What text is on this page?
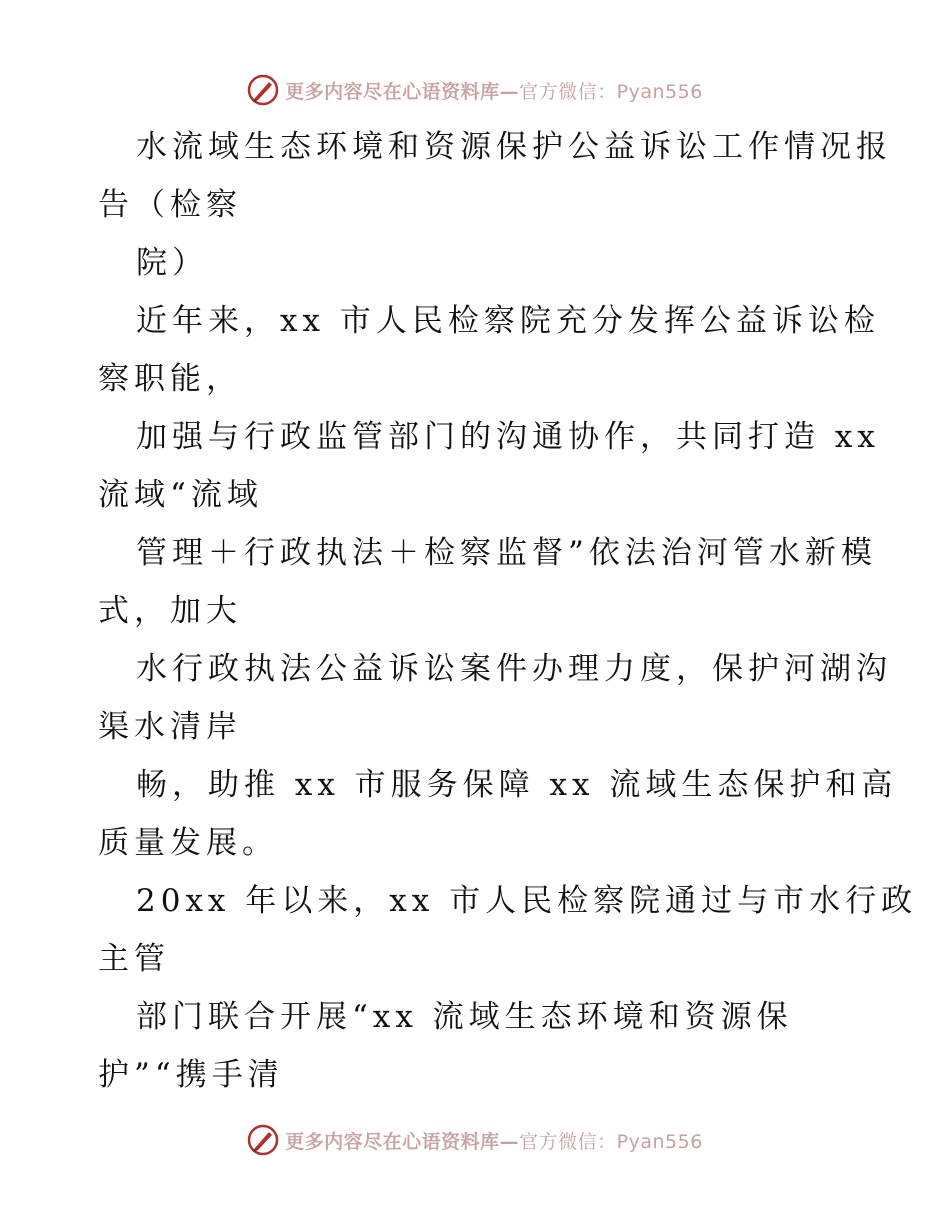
更多内容尽在心语资料库—官方微信：Pyan556
水流域生态环境和资源保护公益诉讼工作情况报
告（检察
院）
近年来，xx 市人民检察院充分发挥公益诉讼检
察职能，
加强与行政监管部门的沟通协作，共同打造 xx
流域“流域
管理＋行政执法＋检察监督”依法治河管水新模
式，加大
水行政执法公益诉讼案件办理力度，保护河湖沟
渠水清岸
畅，助推 xx 市服务保障 xx 流域生态保护和高
质量发展。
20xx 年以来，xx 市人民检察院通过与市水行政
主管
部门联合开展“xx 流域生态环境和资源保
护”“携手清
更多内容尽在心语资料库—官方微信：Pyan556
